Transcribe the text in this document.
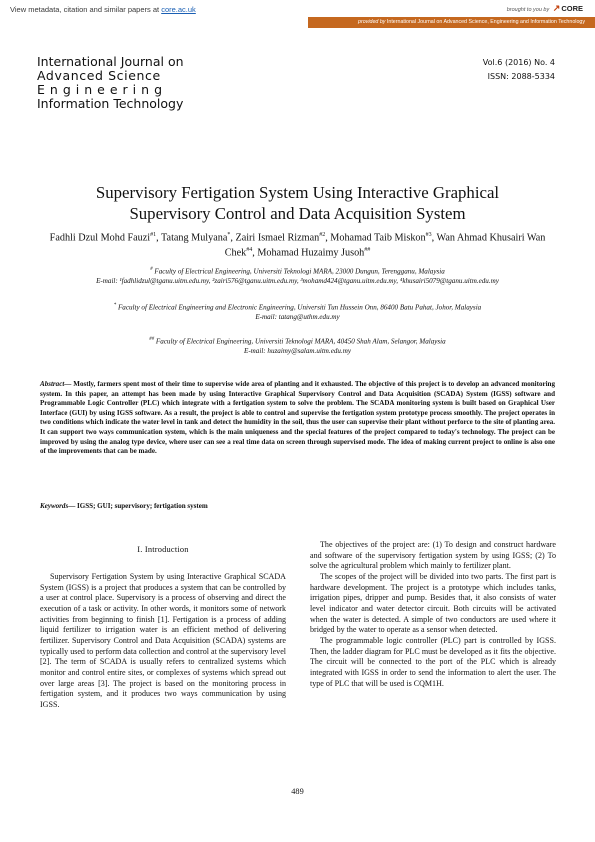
View metadata, citation and similar papers at core.ac.uk	brought to you by ↗CORE
provided by International Journal on Advanced Science, Engineering and Information Technology
International Journal on
Advanced Science
Engineering
Information Technology
Vol.6 (2016) No. 4
ISSN: 2088-5334
Supervisory Fertigation System Using Interactive Graphical
Supervisory Control and Data Acquisition System
Fadhli Dzul Mohd Fauzi$^{\#1}$, Tatang Mulyana*, Zairi Ismael Rizman$^{\#2}$, Mohamad Taib Miskon$^{\#3}$, Wan Ahmad Khusairi Wan Chek$^{\#4}$, Mohamad Huzaimy Jusoh##
# Faculty of Electrical Engineering, Universiti Teknologi MARA, 23000 Dungun, Terengganu, Malaysia
E-mail: ¹fadhlidzul@tganu.uitm.edu.my, ²zairi576@tganu.uitm.edu.my, ³mohamd424@tganu.uitm.edu.my, ⁴khusairi5079@tganu.uitm.edu.my
* Faculty of Electrical Engineering and Electronic Engineering, Universiti Tun Hussein Onn, 86400 Batu Pahat, Johor, Malaysia
E-mail: tatang@uthm.edu.my
## Faculty of Electrical Engineering, Universiti Teknologi MARA, 40450 Shah Alam, Selangor, Malaysia
E-mail: huzaimy@salam.uitm.edu.my
Abstract— Mostly, farmers spent most of their time to supervise wide area of planting and it exhausted. The objective of this project is to develop an advanced monitoring system. In this paper, an attempt has been made by using Interactive Graphical Supervisory Control and Data Acquisition (SCADA) System (IGSS) software and Programmable Logic Controller (PLC) which integrate with a fertigation system to solve the problem. The SCADA monitoring system is built based on Graphical User Interface (GUI) by using IGSS software. As a result, the project is able to control and supervise the fertigation system prototype process smoothly. The project operates in two conditions which indicate the water level in tank and detect the humidity in the soil, thus the user can supervise their plant without perforce to the site of planting area. It can support two ways communication system, which is the main uniqueness and the special features of the project compared to today's technology. The project can be improved by using the analog type device, where user can see a real time data on screen through supervised mode. The idea of making current project to online is also one of the improvements that can be made.
Keywords— IGSS; GUI; supervisory; fertigation system
I. Introduction

Supervisory Fertigation System by using Interactive Graphical SCADA System (IGSS) is a project that produces a system that can be controlled by a user at control place. Supervisory is a process of observing and direct the execution of a task or activity. In other words, it monitors some of network activities from beginning to finish [1]. Fertigation is a process of adding liquid fertilizer to irrigation water is an efficient method of delivering fertilizer. Supervisory Control and Data Acquisition (SCADA) systems are typically used to perform data collection and control at the supervisory level [2]. The term of SCADA is usually refers to centralized systems which monitor and control entire sites, or complexes of systems which spread out over large areas [3]. The project is based on the monitoring process in fertigation system, and it produces two ways communication by using IGSS.

The objectives of the project are: (1) To design and construct hardware and software of the supervisory fertigation system by using IGSS; (2) To solve the agricultural problem which mainly to fertilizer plant.

The scopes of the project will be divided into two parts. The first part is hardware development. The project is a prototype which includes tanks, irrigation pipes, dripper and pump. Besides that, it also consists of water level indicator and water detector circuit. Both circuits will be activated when the water is detected. A simple of two conductors are used where it bridged by the water to operate as a sensor when detected.

The programmable logic controller (PLC) part is controlled by IGSS. Then, the ladder diagram for PLC must be developed as it fits the objective. The circuit will be connected to the port of the PLC which is already integrated with IGSS in order to send the information to alert the user. The type of PLC that will be used is CQM1H.

489
